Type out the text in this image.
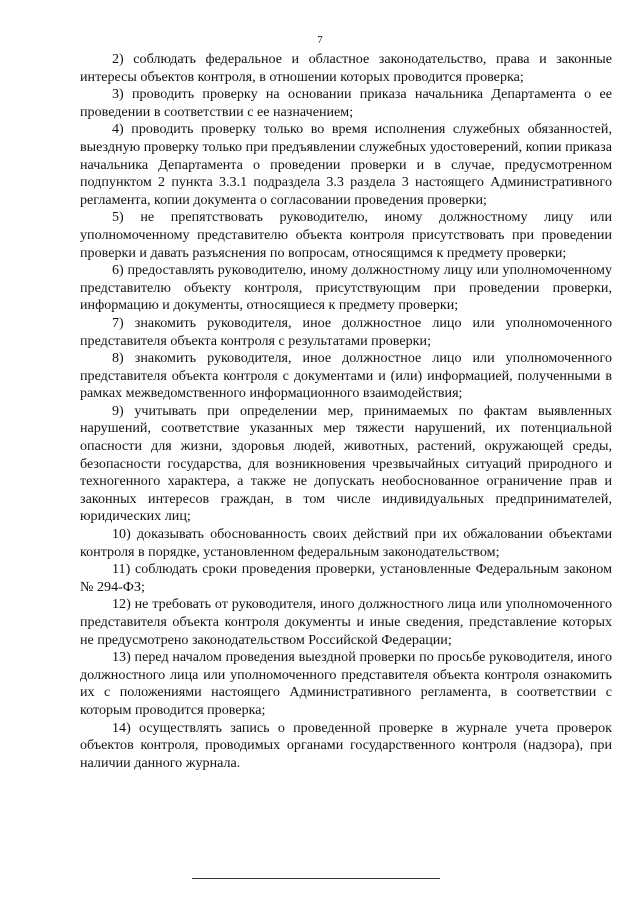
7

2) соблюдать федеральное и областное законодательство, права и законные интересы объектов контроля, в отношении которых проводится проверка;

3) проводить проверку на основании приказа начальника Департамента о ее проведении в соответствии с ее назначением;

4) проводить проверку только во время исполнения служебных обязанностей, выездную проверку только при предъявлении служебных удостоверений, копии приказа начальника Департамента о проведении проверки и в случае, предусмотренном подпунктом 2 пункта 3.3.1 подраздела 3.3 раздела 3 настоящего Административного регламента, копии документа о согласовании проведения проверки;

5) не препятствовать руководителю, иному должностному лицу или уполномоченному представителю объекта контроля присутствовать при проведении проверки и давать разъяснения по вопросам, относящимся к предмету проверки;

6) предоставлять руководителю, иному должностному лицу или уполномоченному представителю объекту контроля, присутствующим при проведении проверки, информацию и документы, относящиеся к предмету проверки;

7) знакомить руководителя, иное должностное лицо или уполномоченного представителя объекта контроля с результатами проверки;

8) знакомить руководителя, иное должностное лицо или уполномоченного представителя объекта контроля с документами и (или) информацией, полученными в рамках межведомственного информационного взаимодействия;

9) учитывать при определении мер, принимаемых по фактам выявленных нарушений, соответствие указанных мер тяжести нарушений, их потенциальной опасности для жизни, здоровья людей, животных, растений, окружающей среды, безопасности государства, для возникновения чрезвычайных ситуаций природного и техногенного характера, а также не допускать необоснованное ограничение прав и законных интересов граждан, в том числе индивидуальных предпринимателей, юридических лиц;

10) доказывать обоснованность своих действий при их обжаловании объектами контроля в порядке, установленном федеральным законодательством;

11) соблюдать сроки проведения проверки, установленные Федеральным законом № 294-ФЗ;

12) не требовать от руководителя, иного должностного лица или уполномоченного представителя объекта контроля документы и иные сведения, представление которых не предусмотрено законодательством Российской Федерации;

13) перед началом проведения выездной проверки по просьбе руководителя, иного должностного лица или уполномоченного представителя объекта контроля ознакомить их с положениями настоящего Административного регламента, в соответствии с которым проводится проверка;

14) осуществлять запись о проведенной проверке в журнале учета проверок объектов контроля, проводимых органами государственного контроля (надзора), при наличии данного журнала.
